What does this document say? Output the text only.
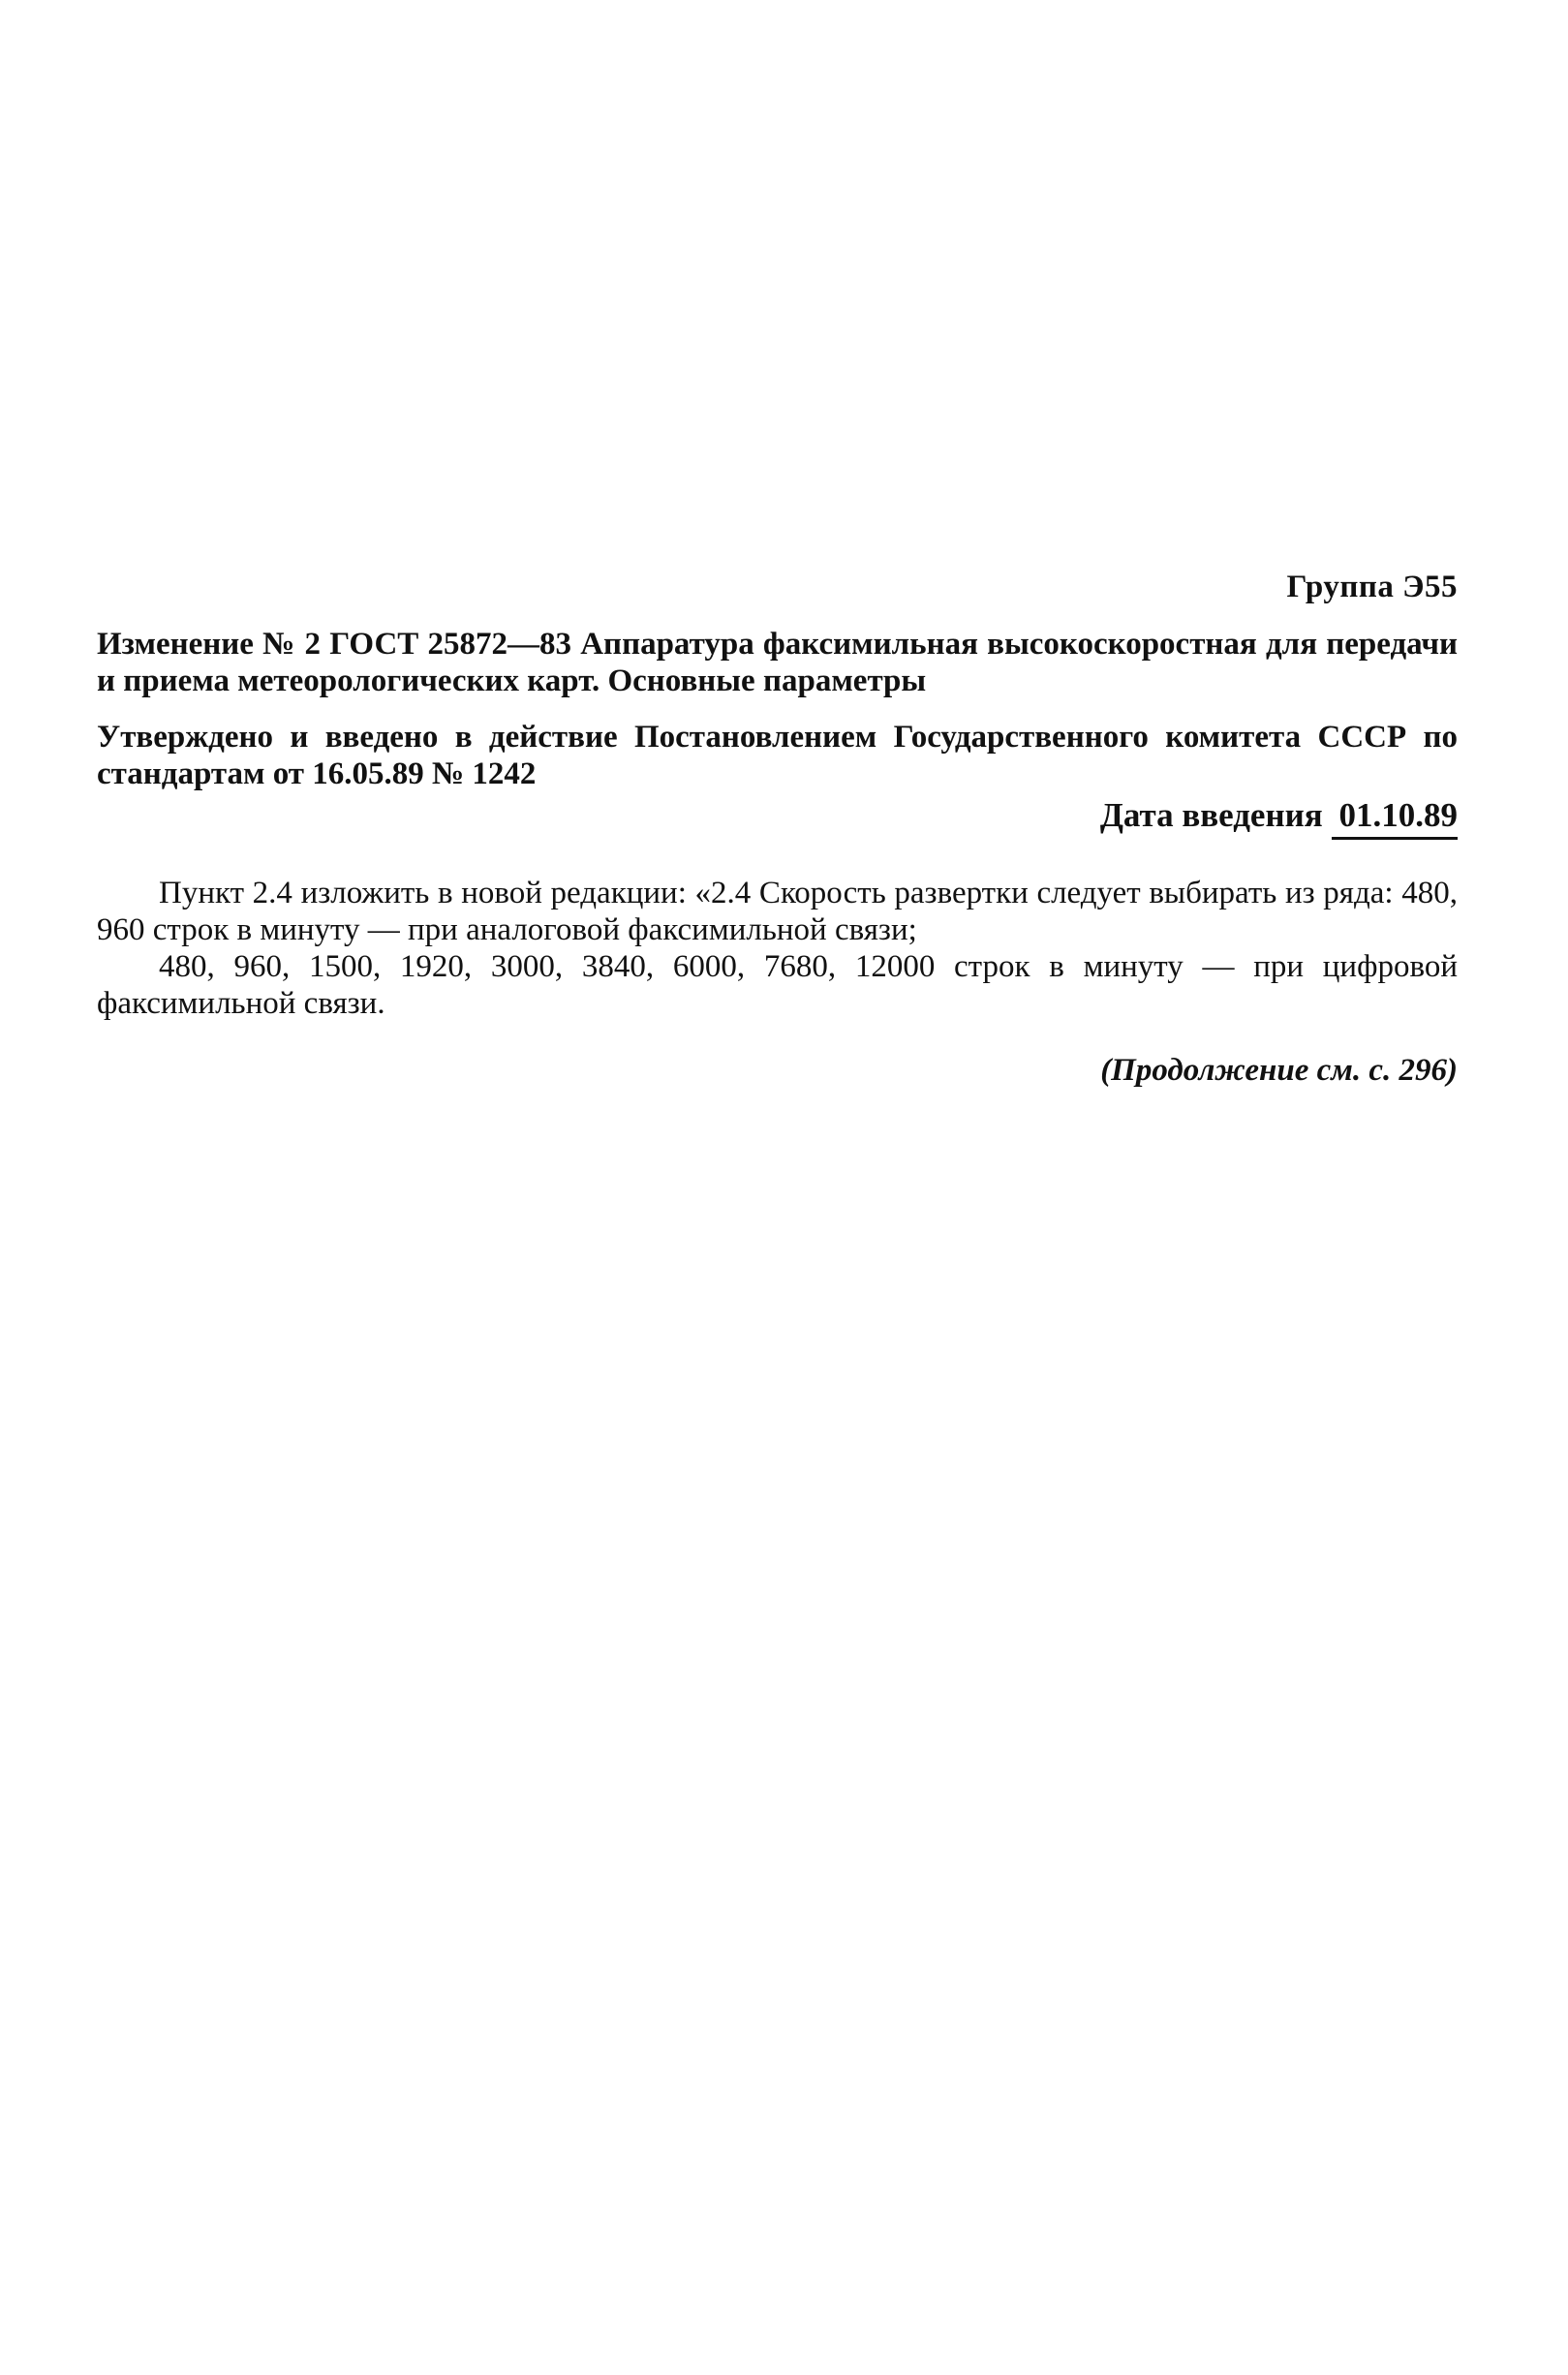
Группа Э55
Изменение № 2 ГОСТ 25872—83 Аппаратура факсимильная высокоскоростная для передачи и приема метеорологических карт. Основные параметры
Утверждено и введено в действие Постановлением Государственного комитета СССР по стандартам от 16.05.89 № 1242
Дата введения 01.10.89

Пункт 2.4 изложить в новой редакции: «2.4 Скорость развертки следует выбирать из ряда: 480, 960 строк в минуту — при аналоговой факсимильной связи;

480, 960, 1500, 1920, 3000, 3840, 6000, 7680, 12000 строк в минуту — при цифровой факсимильной связи.

(Продолжение см. с. 296)
